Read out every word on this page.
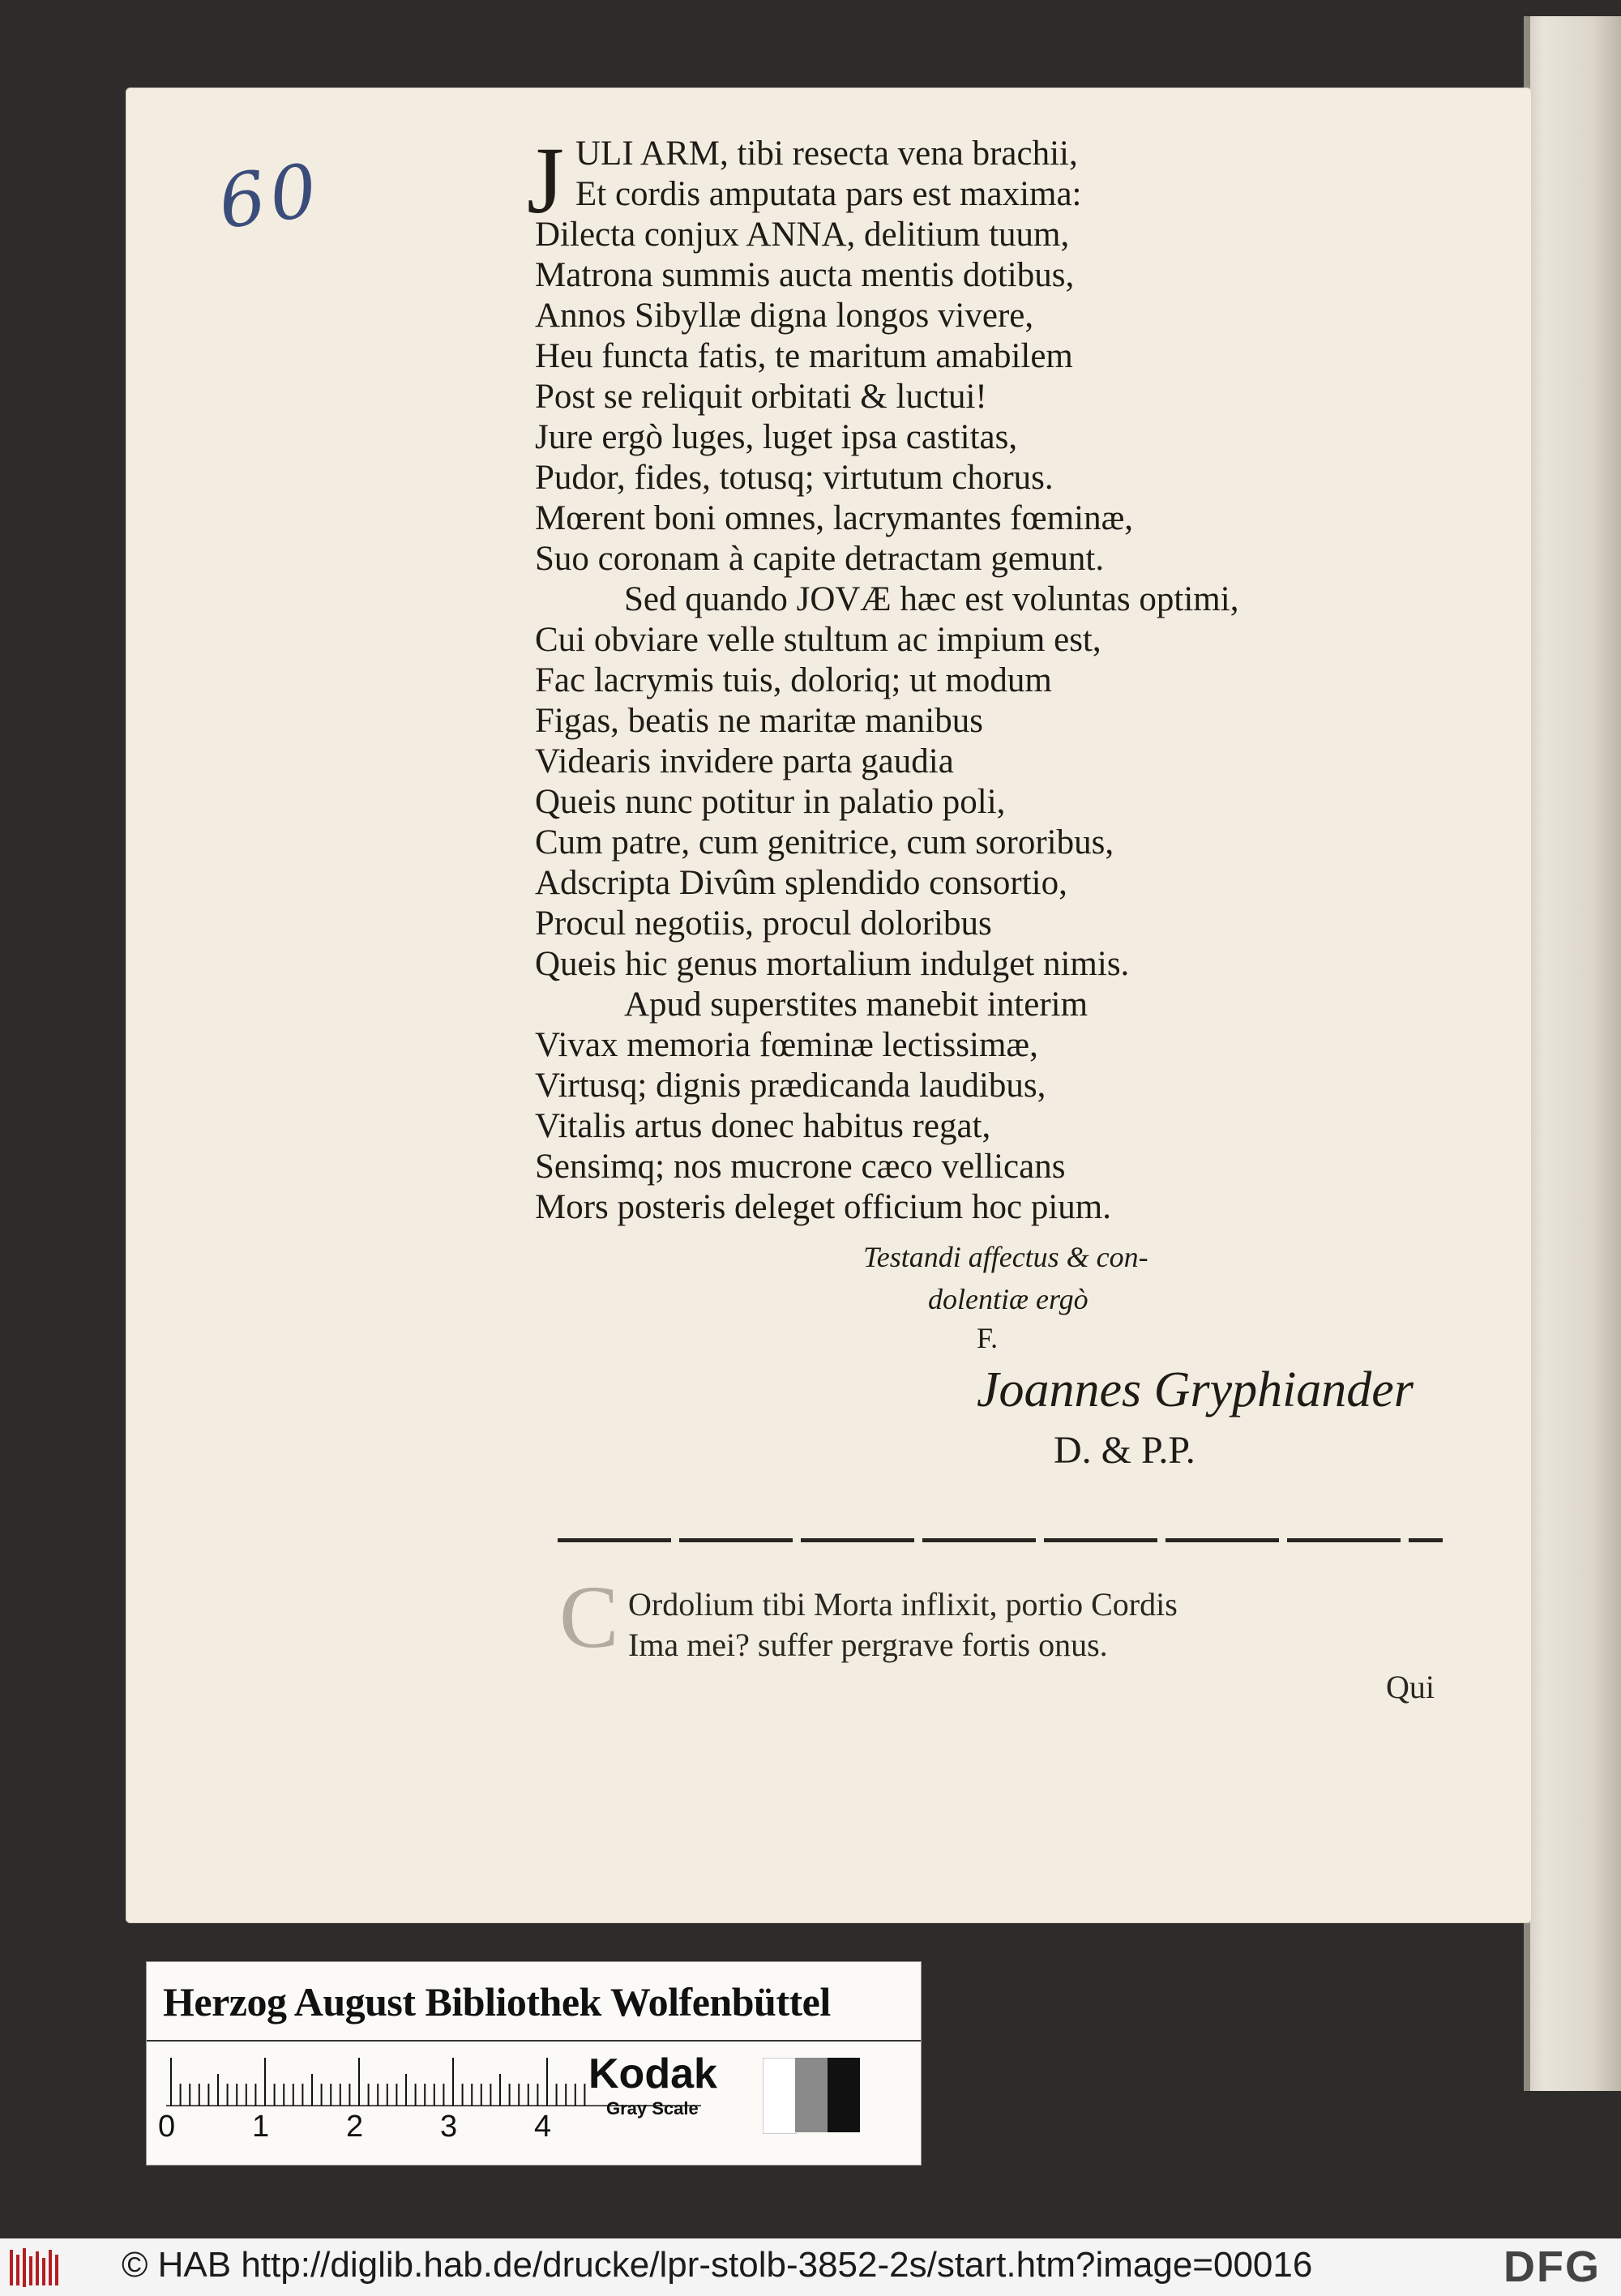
60 J ULI ARM, tibi resecta vena brachii,
Et cordis amputata pars est maxima:
Dilecta conjux ANNA, delitium tuum,
Matrona summis aucta mentis dotibus,
Annos Sibyllæ digna longos vivere,
Heu functa fatis, te maritum amabilem
Post se reliquit orbitati & luctui!
Jure ergò luges, luget ipsa castitas,
Pudor, fides, totusq; virtutum chorus.
Mœrent boni omnes, lacrymantes fœminæ,
Suo coronam à capite detractam gemunt.
Sed quando JOVÆ hæc est voluntas optimi,
Cui obviare velle stultum ac impium est,
Fac lacrymis tuis, doloriq; ut modum
Figas, beatis ne maritæ manibus
Videaris invidere parta gaudia
Queis nunc potitur in palatio poli,
Cum patre, cum genitrice, cum sororibus,
Adscripta Divûm splendido consortio,
Procul negotiis, procul doloribus
Queis hic genus mortalium indulget nimis.
Apud superstites manebit interim
Vivax memoria fœminæ lectissimæ,
Virtusq; dignis prædicanda laudibus,
Vitalis artus donec habitus regat,
Sensimq; nos mucrone cæco vellicans
Mors posteris deleget officium hoc pium.
Testandi affectus & con-
dolentiæ ergò
F.
Joannes Gryphiander
D. & P.P.
C Ordolium tibi Morta inflixit, portio Cordis
Ima mei? suffer pergrave fortis onus.
Qui
Herzog August Bibliothek Wolfenbüttel
0 1 2 3 4
Kodak
Gray Scale
© HAB http://diglib.hab.de/drucke/lpr-stolb-3852-2s/start.htm?image=00016	DFG
